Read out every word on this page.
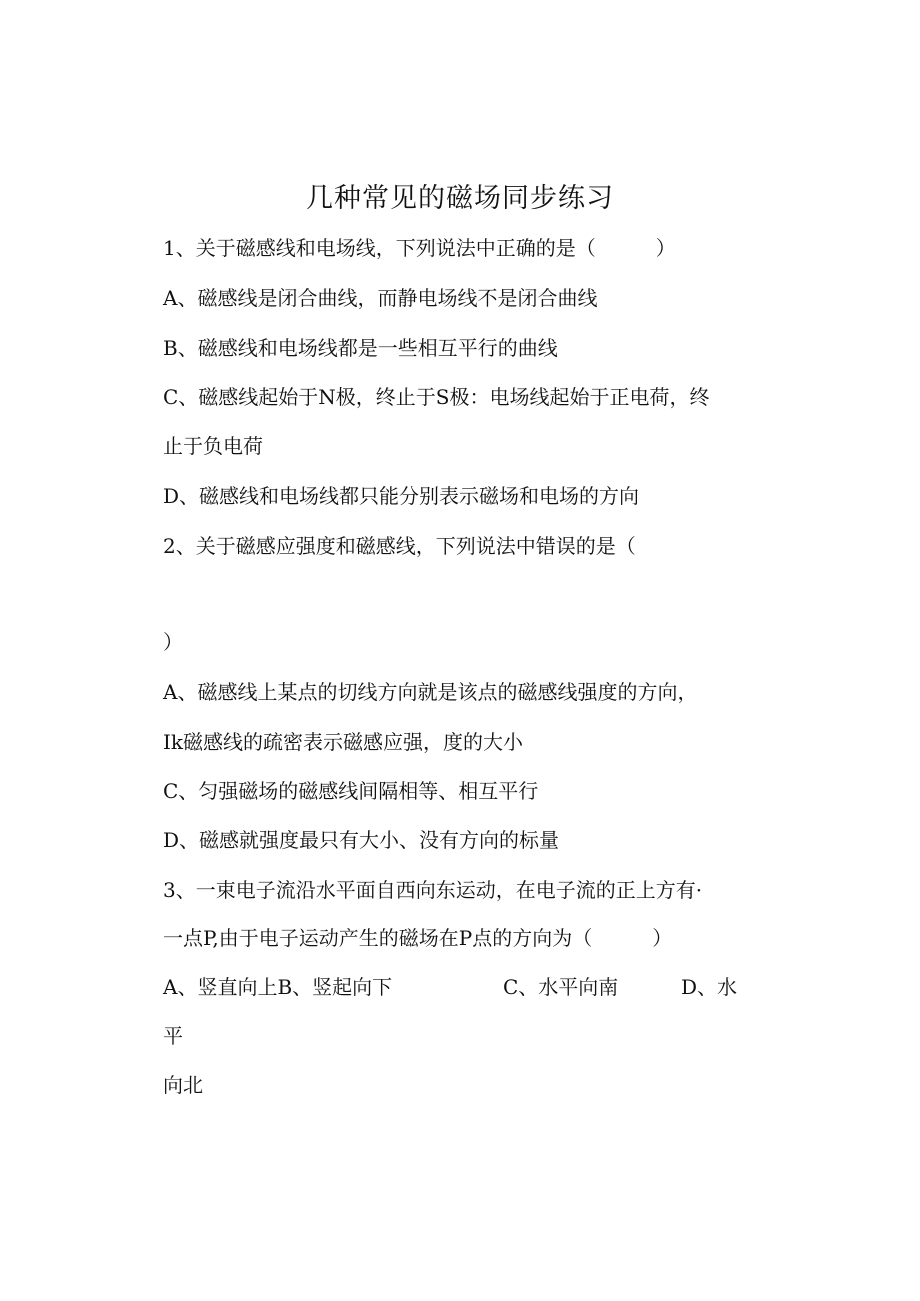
几种常见的磁场同步练习
1、关于磁感线和电场线，下列说法中正确的是（　　　）
A、磁感线是闭合曲线，而静电场线不是闭合曲线
B、磁感线和电场线都是一些相互平行的曲线
C、磁感线起始于N极，终止于S极：电场线起始于正电荷，终
止于负电荷
D、磁感线和电场线都只能分别表示磁场和电场的方向
2、关于磁感应强度和磁感线，下列说法中错误的是（
）
A、磁感线上某点的切线方向就是该点的磁感线强度的方向，
Ik磁感线的疏密表示磁感应强，度的大小
C、匀强磁场的磁感线间隔相等、相互平行
D、磁感就强度最只有大小、没有方向的标量
3、一束电子流沿水平面自西向东运动，在电子流的正上方有·
一点P,由于电子运动产生的磁场在P点的方向为（　　　）
A、竖直向上B、竖起向下	C、水平向南	D、水
平
向北
